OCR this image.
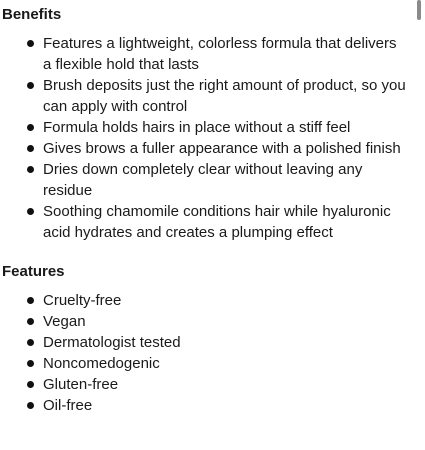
Benefits
Features a lightweight, colorless formula that delivers a flexible hold that lasts
Brush deposits just the right amount of product, so you can apply with control
Formula holds hairs in place without a stiff feel
Gives brows a fuller appearance with a polished finish
Dries down completely clear without leaving any residue
Soothing chamomile conditions hair while hyaluronic acid hydrates and creates a plumping effect
Features
Cruelty-free
Vegan
Dermatologist tested
Noncomedogenic
Gluten-free
Oil-free
